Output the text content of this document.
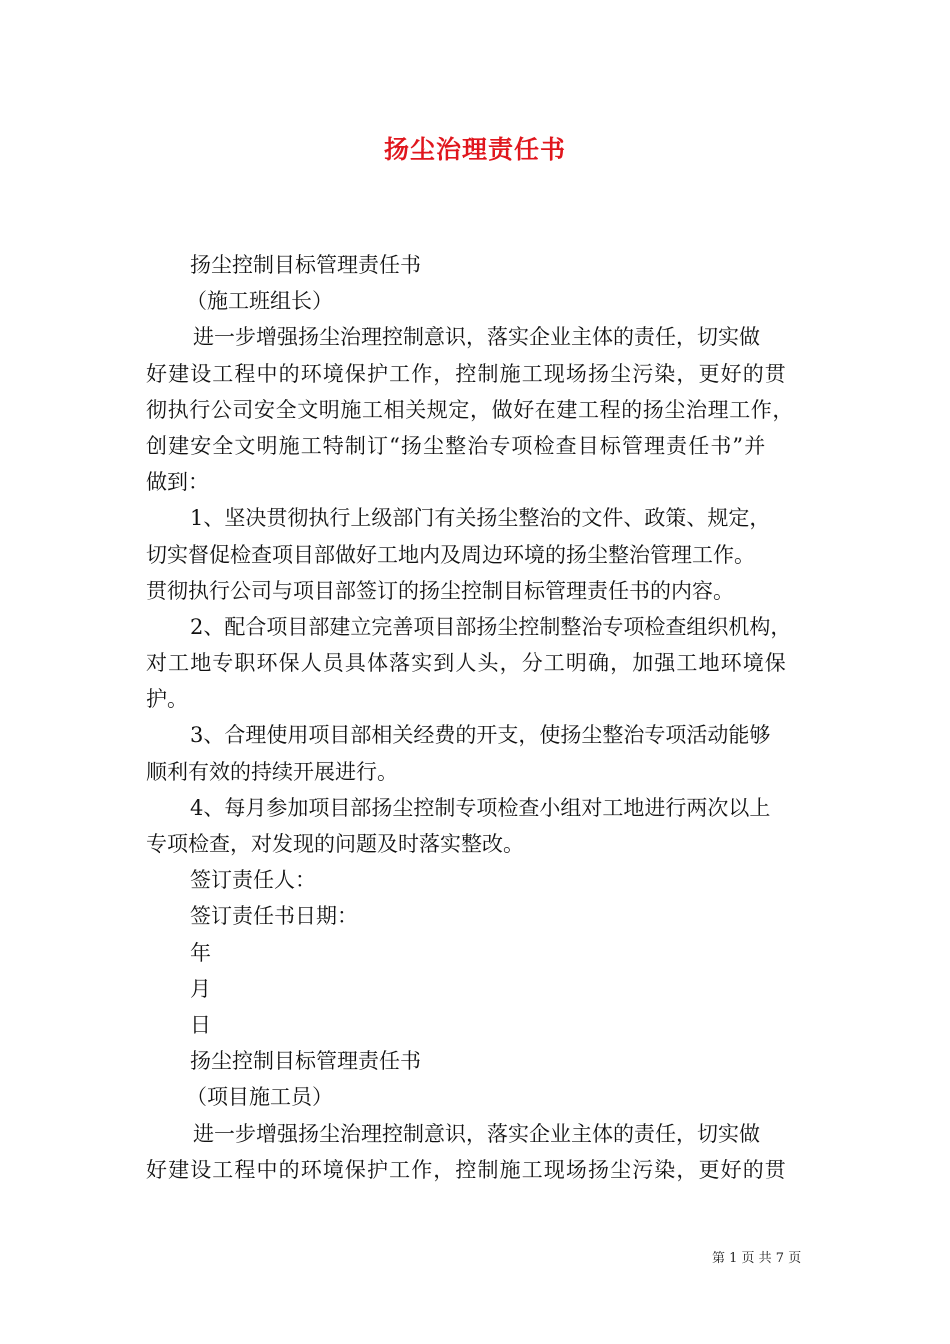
扬尘治理责任书
扬尘控制目标管理责任书
（施工班组长）
进一步增强扬尘治理控制意识，落实企业主体的责任，切实做
好建设工程中的环境保护工作，控制施工现场扬尘污染，更好的贯
彻执行公司安全文明施工相关规定，做好在建工程的扬尘治理工作，
创建安全文明施工特制订“扬尘整治专项检查目标管理责任书”并
做到：
1、坚决贯彻执行上级部门有关扬尘整治的文件、政策、规定，
切实督促检查项目部做好工地内及周边环境的扬尘整治管理工作。
贯彻执行公司与项目部签订的扬尘控制目标管理责任书的内容。
2、配合项目部建立完善项目部扬尘控制整治专项检查组织机构，
对工地专职环保人员具体落实到人头，分工明确，加强工地环境保
护。
3、合理使用项目部相关经费的开支，使扬尘整治专项活动能够
顺利有效的持续开展进行。
4、每月参加项目部扬尘控制专项检查小组对工地进行两次以上
专项检查，对发现的问题及时落实整改。
签订责任人：
签订责任书日期：
年
月
日
扬尘控制目标管理责任书
（项目施工员）
进一步增强扬尘治理控制意识，落实企业主体的责任，切实做
好建设工程中的环境保护工作，控制施工现场扬尘污染，更好的贯
第 1 页 共 7 页
